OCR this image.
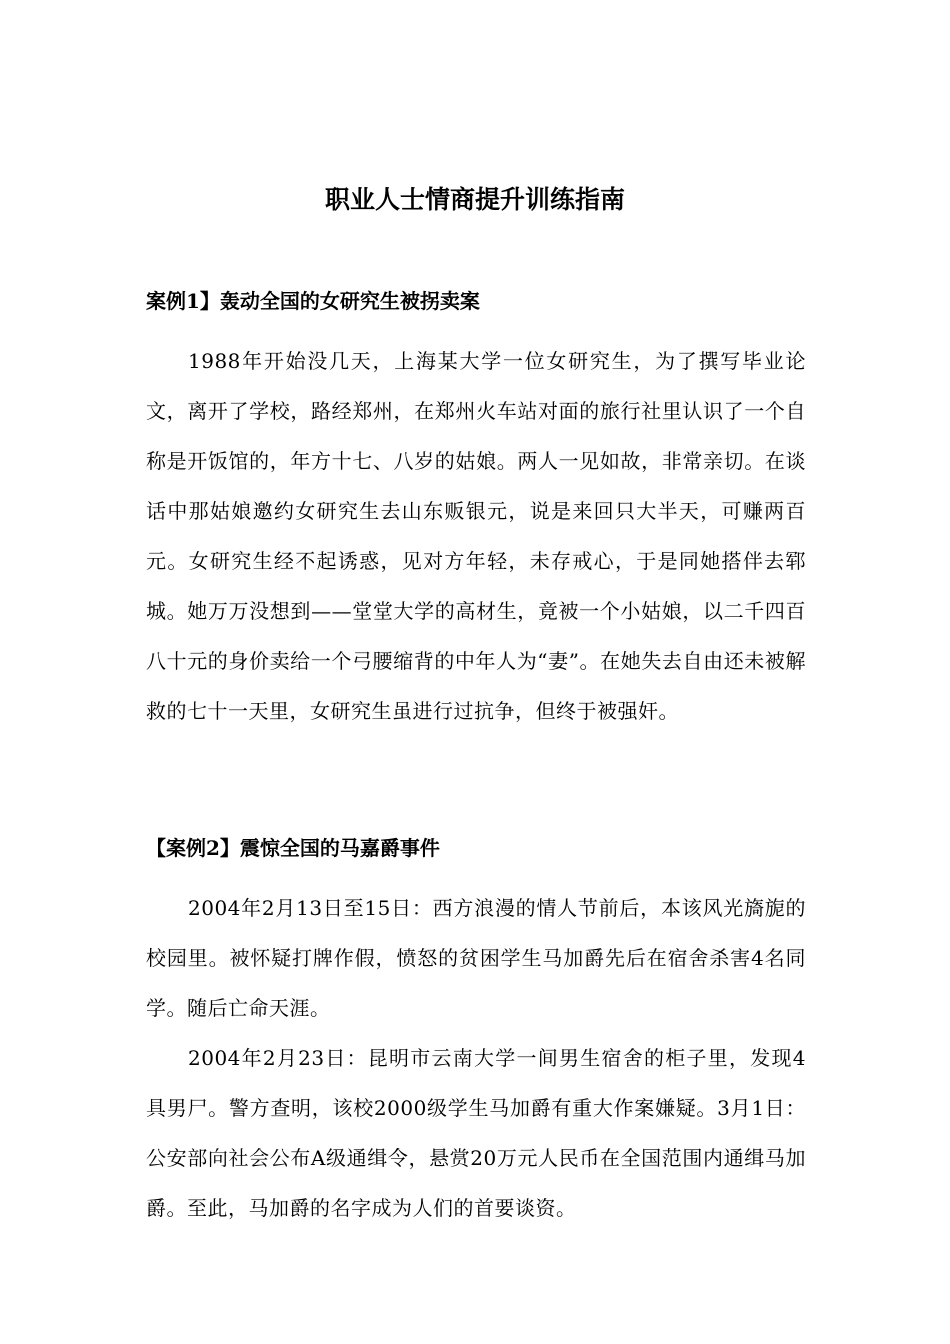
职业人士情商提升训练指南
案例1】轰动全国的女研究生被拐卖案

1988年开始没几天，上海某大学一位女研究生，为了撰写毕业论文，离开了学校，路经郑州，在郑州火车站对面的旅行社里认识了一个自称是开饭馆的，年方十七、八岁的姑娘。两人一见如故，非常亲切。在谈话中那姑娘邀约女研究生去山东贩银元，说是来回只大半天，可赚两百元。女研究生经不起诱惑，见对方年轻，未存戒心，于是同她搭伴去郓城。她万万没想到——堂堂大学的高材生，竟被一个小姑娘，以二千四百八十元的身价卖给一个弓腰缩背的中年人为“妻”。在她失去自由还未被解救的七十一天里，女研究生虽进行过抗争，但终于被强奸。

【案例2】震惊全国的马嘉爵事件

2004年2月13日至15日：西方浪漫的情人节前后，本该风光旖旎的校园里。被怀疑打牌作假，愤怒的贫困学生马加爵先后在宿舍杀害4名同学。随后亡命天涯。

2004年2月23日：昆明市云南大学一间男生宿舍的柜子里，发现4具男尸。警方查明，该校2000级学生马加爵有重大作案嫌疑。3月1日：公安部向社会公布A级通缉令，悬赏20万元人民币在全国范围内通缉马加爵。至此，马加爵的名字成为人们的首要谈资。
